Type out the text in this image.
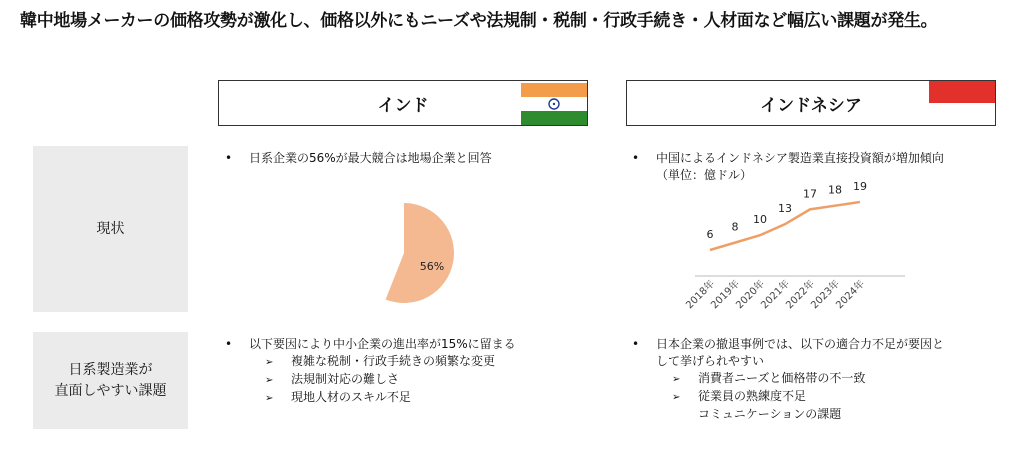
韓中地場メーカーの価格攻勢が激化し、価格以外にもニーズや法規制・税制・行政手続き・人材面など幅広い課題が発生。
インド	インドネシア
現状
日系製造業が
直面しやすい課題
• 日系企業の56%が最大競合は地場企業と回答
56%
• 中国によるインドネシア製造業直接投資額が増加傾向
（単位：億ドル）
6
2018年
8
2019年
10
2020年
13
2021年
17
2022年
18
2023年
19
2024年
• 以下要因により中小企業の進出率が15%に留まる
➢ 複雑な税制・行政手続きの頻繁な変更
➢ 法規制対応の難しさ
➢ 現地人材のスキル不足
• 日本企業の撤退事例では、以下の適合力不足が要因と
して挙げられやすい
➢ 消費者ニーズと価格帯の不一致
➢ 従業員の熟練度不足
コミュニケーションの課題
